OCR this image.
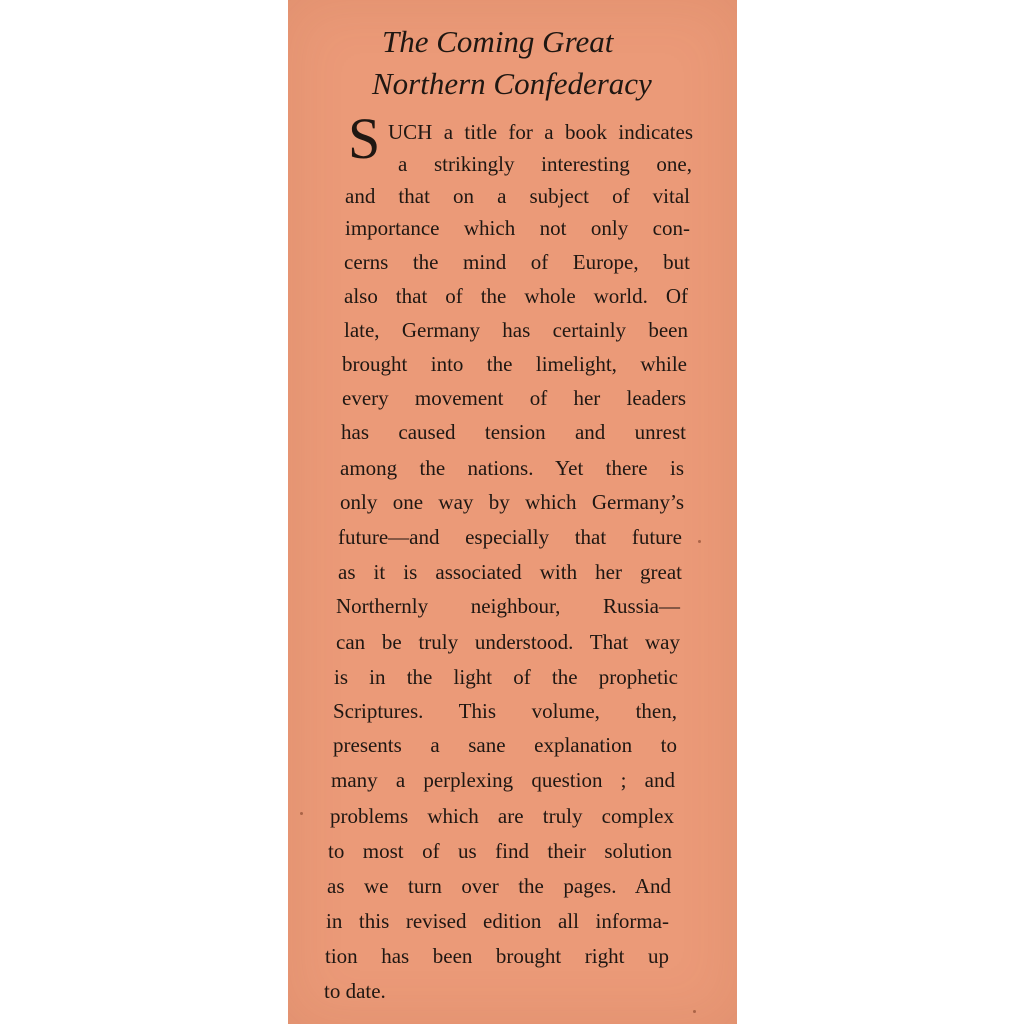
The Coming Great
Northern Confederacy
S UCH a title for a book indicates
a strikingly interesting one,
and that on a subject of vital
importance which not only con-
cerns the mind of Europe, but
also that of the whole world. Of
late, Germany has certainly been
brought into the limelight, while
every movement of her leaders
has caused tension and unrest
among the nations. Yet there is
only one way by which Germany’s
future—and especially that future
as it is associated with her great
Northernly neighbour, Russia—
can be truly understood. That way
is in the light of the prophetic
Scriptures. This volume, then,
presents a sane explanation to
many a perplexing question ; and
problems which are truly complex
to most of us find their solution
as we turn over the pages. And
in this revised edition all informa-
tion has been brought right up
to date.
